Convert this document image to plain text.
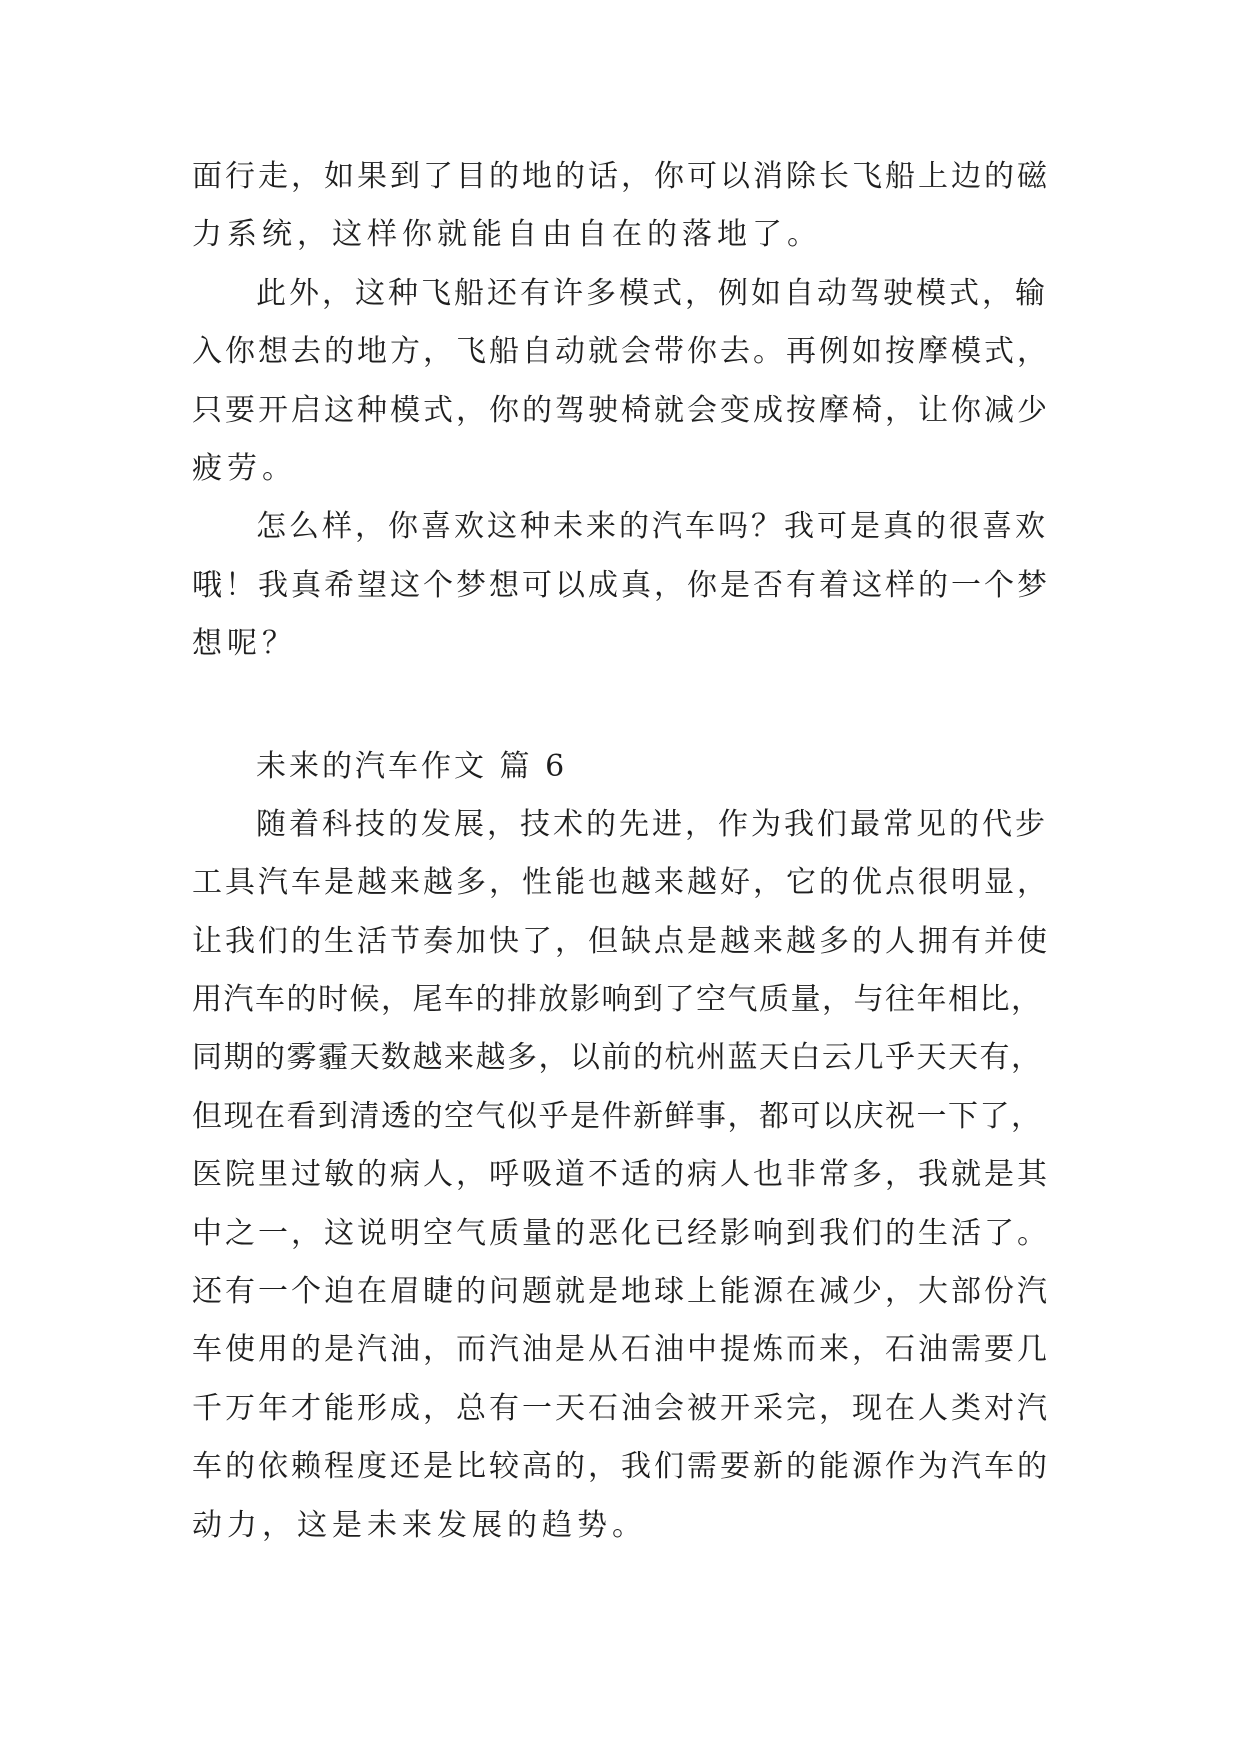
面行走，如果到了目的地的话，你可以消除长飞船上边的磁
力系统，这样你就能自由自在的落地了。
此外，这种飞船还有许多模式，例如自动驾驶模式，输
入你想去的地方，飞船自动就会带你去。再例如按摩模式，
只要开启这种模式，你的驾驶椅就会变成按摩椅，让你减少
疲劳。
怎么样，你喜欢这种未来的汽车吗？我可是真的很喜欢
哦！我真希望这个梦想可以成真，你是否有着这样的一个梦
想呢？
未来的汽车作文 篇 6
随着科技的发展，技术的先进，作为我们最常见的代步
工具汽车是越来越多，性能也越来越好，它的优点很明显，
让我们的生活节奏加快了，但缺点是越来越多的人拥有并使
用汽车的时候，尾车的排放影响到了空气质量，与往年相比，
同期的雾霾天数越来越多，以前的杭州蓝天白云几乎天天有，
但现在看到清透的空气似乎是件新鲜事，都可以庆祝一下了，
医院里过敏的病人，呼吸道不适的病人也非常多，我就是其
中之一，这说明空气质量的恶化已经影响到我们的生活了。
还有一个迫在眉睫的问题就是地球上能源在减少，大部份汽
车使用的是汽油，而汽油是从石油中提炼而来，石油需要几
千万年才能形成，总有一天石油会被开采完，现在人类对汽
车的依赖程度还是比较高的，我们需要新的能源作为汽车的
动力，这是未来发展的趋势。
